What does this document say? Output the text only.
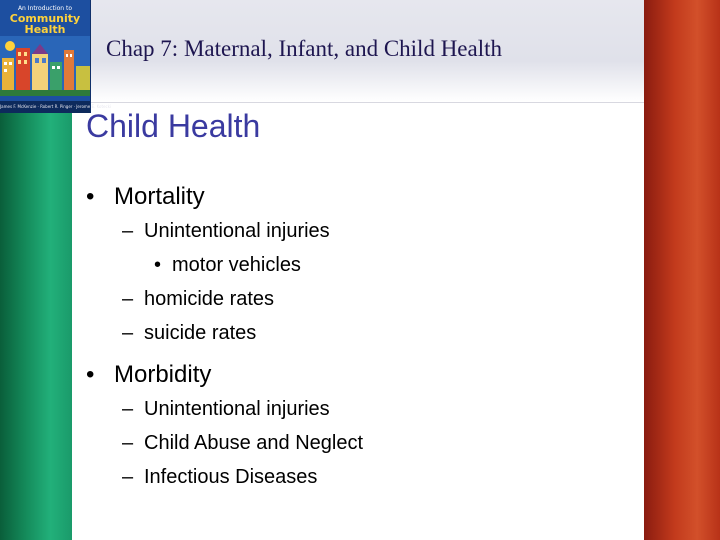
An Introduction to
Community
Health
James F. McKenzie · Robert R. Pinger · Jerome E. Kotecki
Chap 7: Maternal, Infant, and Child Health
Child Health
• Mortality
– Unintentional injuries
• motor vehicles
– homicide rates
– suicide rates
• Morbidity
– Unintentional injuries
– Child Abuse and Neglect
– Infectious Diseases
